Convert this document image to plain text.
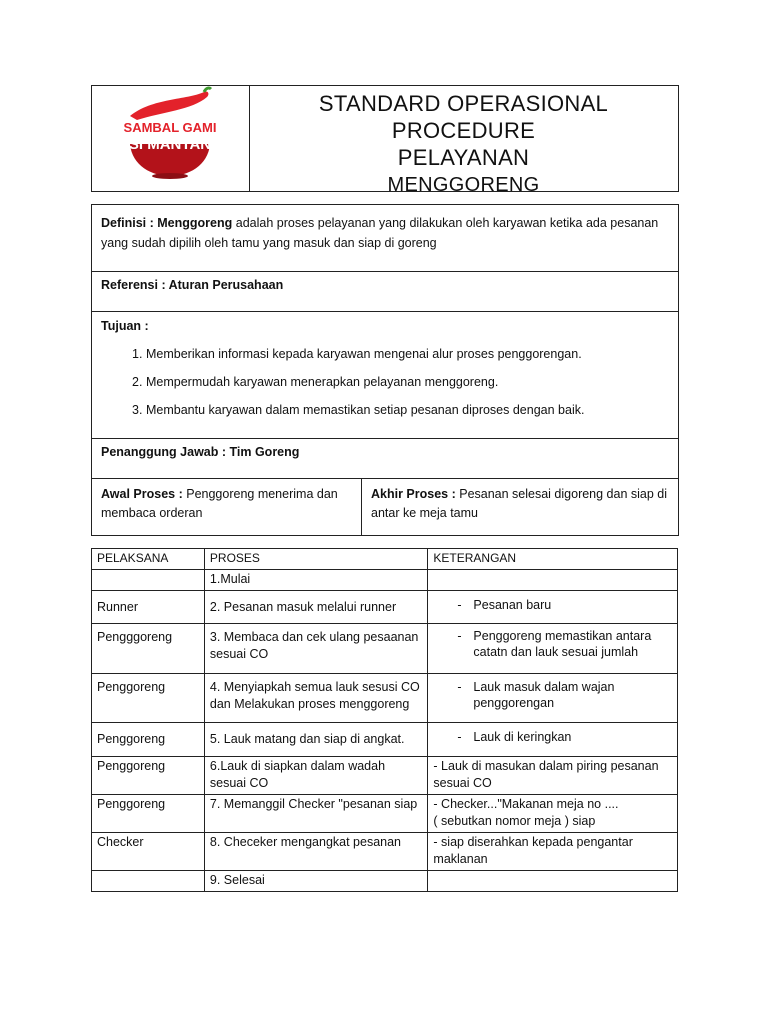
SAMBAL GAMI
SI MANTAN
STANDARD OPERASIONAL
PROCEDURE
PELAYANAN
MENGGORENG

Definisi : Menggoreng adalah proses pelayanan yang dilakukan oleh karyawan ketika ada pesanan yang sudah dipilih oleh tamu yang masuk dan siap di goreng

Referensi : Aturan Perusahaan

Tujuan :

1. Memberikan informasi kepada karyawan mengenai alur proses penggorengan.
2. Mempermudah karyawan menerapkan pelayanan menggoreng.
3. Membantu karyawan dalam memastikan setiap pesanan diproses dengan baik.

Penanggung Jawab : Tim Goreng

Awal Proses : Penggoreng menerima dan membaca orderan
Akhir Proses : Pesanan selesai digoreng dan siap di antar ke meja tamu
PELAKSANA	PROSES	KETERANGAN
	1.Mulai	
Runner	2. Pesanan masuk melalui runner	- Pesanan baru

Pengggoreng	3. Membaca dan cek ulang pesaanan sesuai CO	- Penggoreng memastikan antara catatn dan lauk sesuai jumlah

Penggoreng	4. Menyiapkah semua lauk sesusi CO dan Melakukan proses menggoreng	- Lauk masuk dalam wajan penggorengan

Penggoreng	5. Lauk matang dan siap di angkat.	- Lauk di keringkan

Penggoreng	6.Lauk di siapkan dalam wadah sesuai CO	- Lauk di masukan dalam piring pesanan sesuai CO
Penggoreng	7. Memanggil Checker "pesanan siap	- Checker..."Makanan meja no ....
( sebutkan nomor meja ) siap
Checker	8. Checeker mengangkat pesanan	- siap diserahkan kepada pengantar maklanan
	9. Selesai	
